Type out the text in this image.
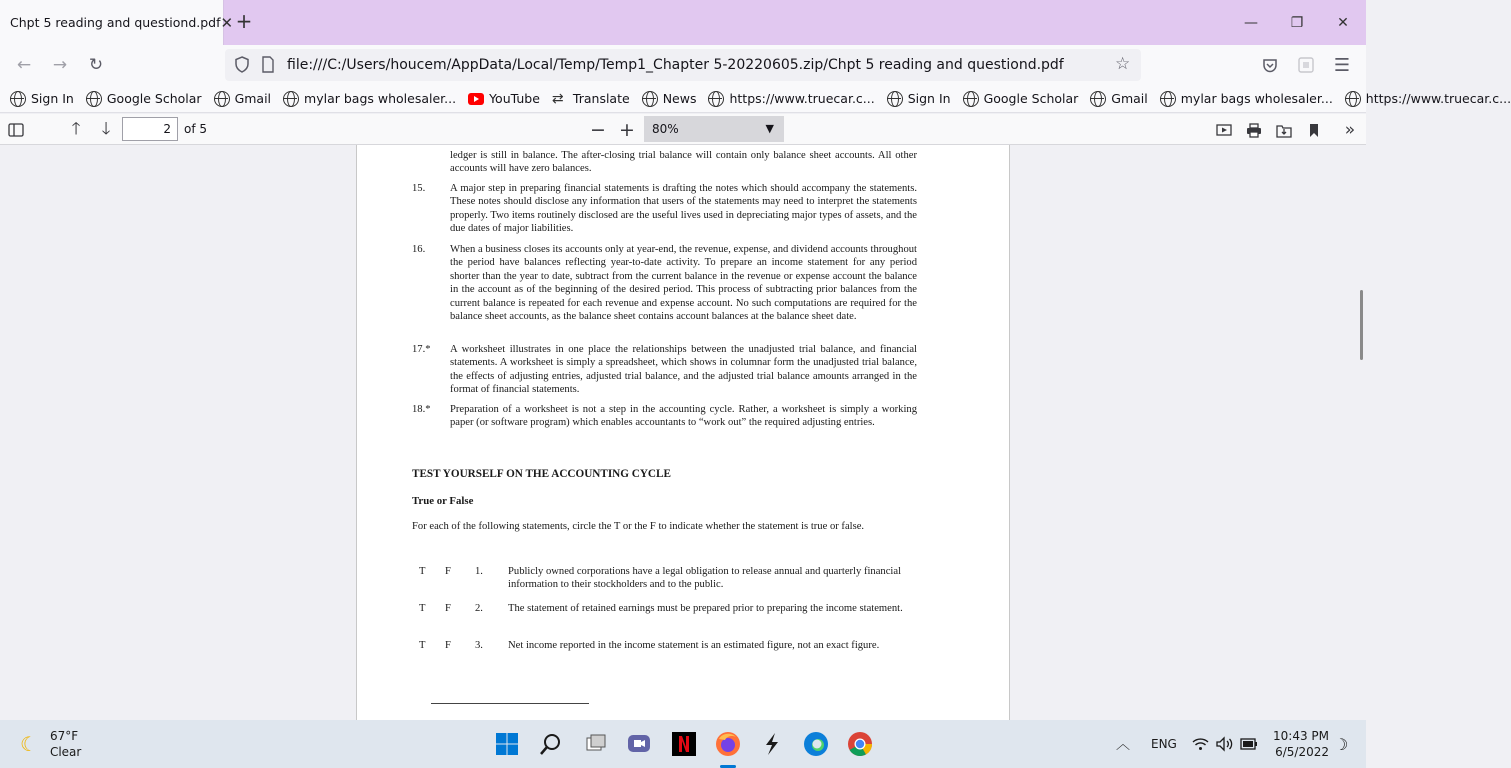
Chpt 5 reading and questiond.pdf ✕ +	—	❐	✕
←	→	↻	file:///C:/Users/houcem/AppData/Local/Temp/Temp1_Chapter 5-20220605.zip/Chpt 5 reading and questiond.pdf	☆	☰
Sign In	Google Scholar	Gmail	mylar bags wholesaler...	YouTube ⇄ Translate	News	https://www.truecar.c...	Sign In	Google Scholar	Gmail	mylar bags wholesaler...	https://www.truecar.c...
🡑	🡓	2	of 5	− +	80%	▼	»
ledger is still in balance. The after-closing trial balance will contain only balance sheet accounts. All other accounts will have zero balances.
15. A major step in preparing financial statements is drafting the notes which should accompany the statements. These notes should disclose any information that users of the statements may need to interpret the statements properly. Two items routinely disclosed are the useful lives used in depreciating major types of assets, and the due dates of major liabilities.
16. When a business closes its accounts only at year-end, the revenue, expense, and dividend accounts throughout the period have balances reflecting year-to-date activity. To prepare an income statement for any period shorter than the year to date, subtract from the current balance in the revenue or expense account the balance in the account as of the beginning of the desired period. This process of subtracting prior balances from the current balance is repeated for each revenue and expense account. No such computations are required for the balance sheet accounts, as the balance sheet contains account balances at the balance sheet date.
17.* A worksheet illustrates in one place the relationships between the unadjusted trial balance, and financial statements. A worksheet is simply a spreadsheet, which shows in columnar form the unadjusted trial balance, the effects of adjusting entries, adjusted trial balance, and the adjusted trial balance amounts arranged in the format of financial statements.
18.* Preparation of a worksheet is not a step in the accounting cycle. Rather, a worksheet is simply a working paper (or software program) which enables accountants to “work out” the required adjusting entries.
TEST YOURSELF ON THE ACCOUNTING CYCLE
True or False
For each of the following statements, circle the T or the F to indicate whether the statement is true or false.
T F 1. Publicly owned corporations have a legal obligation to release annual and quarterly financial information to their stockholders and to the public.
T F 2. The statement of retained earnings must be prepared prior to preparing the income statement.
T F 3. Net income reported in the income statement is an estimated figure, not an exact figure.
☾ 67°F
Clear	︿ ENG
10:43 PM
6/5/2022 ☽
